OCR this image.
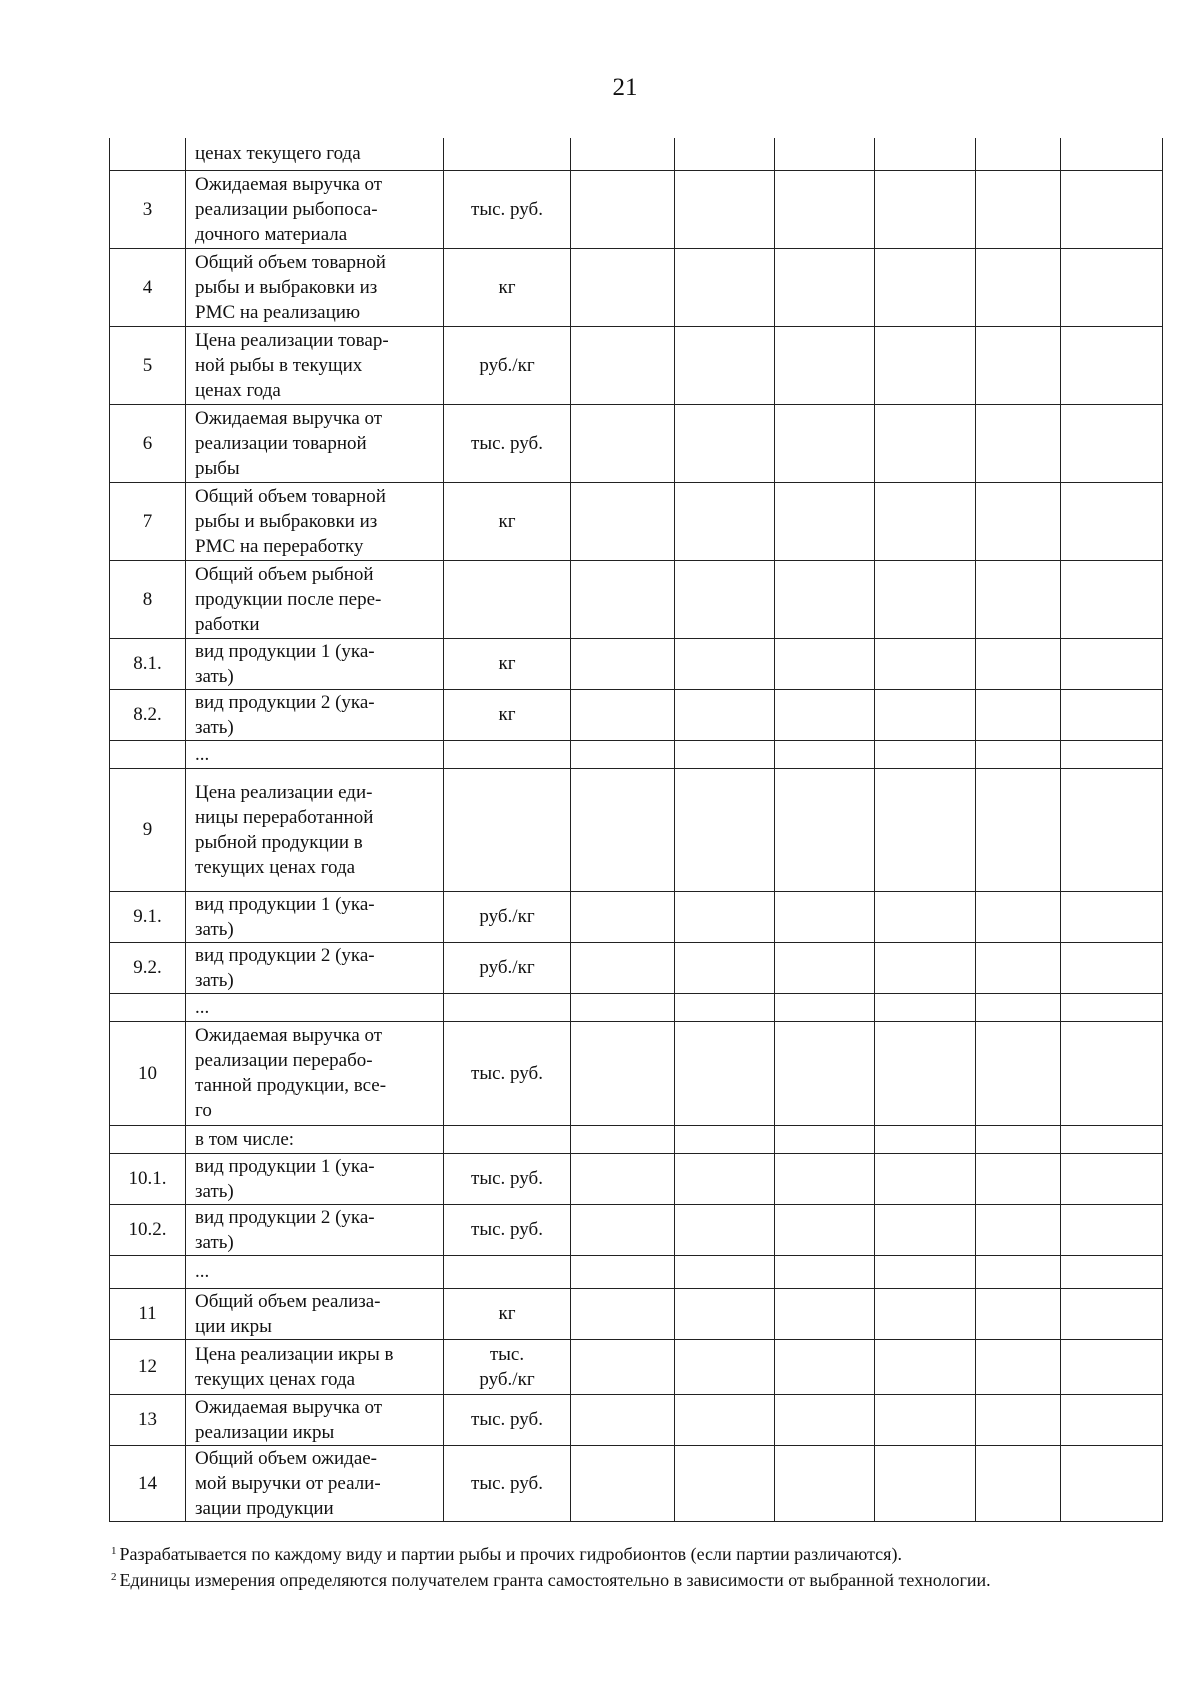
21
	ценах текущего года							
3	Ожидаемая выручка от
реализации рыбопоса-
дочного материала	тыс. руб.						
4	Общий объем товарной
рыбы и выбраковки из
РМС на реализацию	кг						
5	Цена реализации товар-
ной рыбы в текущих
ценах года	руб./кг						
6	Ожидаемая выручка от
реализации товарной
рыбы	тыс. руб.						
7	Общий объем товарной
рыбы и выбраковки из
РМС на переработку	кг						
8	Общий объем рыбной
продукции после пере-
работки							
8.1.	вид продукции 1 (ука-
зать)	кг						
8.2.	вид продукции 2 (ука-
зать)	кг						
	...							
9	Цена реализации еди-
ницы переработанной
рыбной продукции в
текущих ценах года							
9.1.	вид продукции 1 (ука-
зать)	руб./кг						
9.2.	вид продукции 2 (ука-
зать)	руб./кг						
	...							
10	Ожидаемая выручка от
реализации перерабо-
танной продукции, все-
го	тыс. руб.						
	в том числе:							
10.1.	вид продукции 1 (ука-
зать)	тыс. руб.						
10.2.	вид продукции 2 (ука-
зать)	тыс. руб.						
	...							
11	Общий объем реализа-
ции икры	кг						
12	Цена реализации икры в
текущих ценах года	тыс.
руб./кг						
13	Ожидаемая выручка от
реализации икры	тыс. руб.						
14	Общий объем ожидае-
мой выручки от реали-
зации продукции	тыс. руб.						
$^1$ Разрабатывается по каждому виду и партии рыбы и прочих гидробионтов (если партии различаются).
$^2$ Единицы измерения определяются получателем гранта самостоятельно в зависимости от выбранной технологии.
